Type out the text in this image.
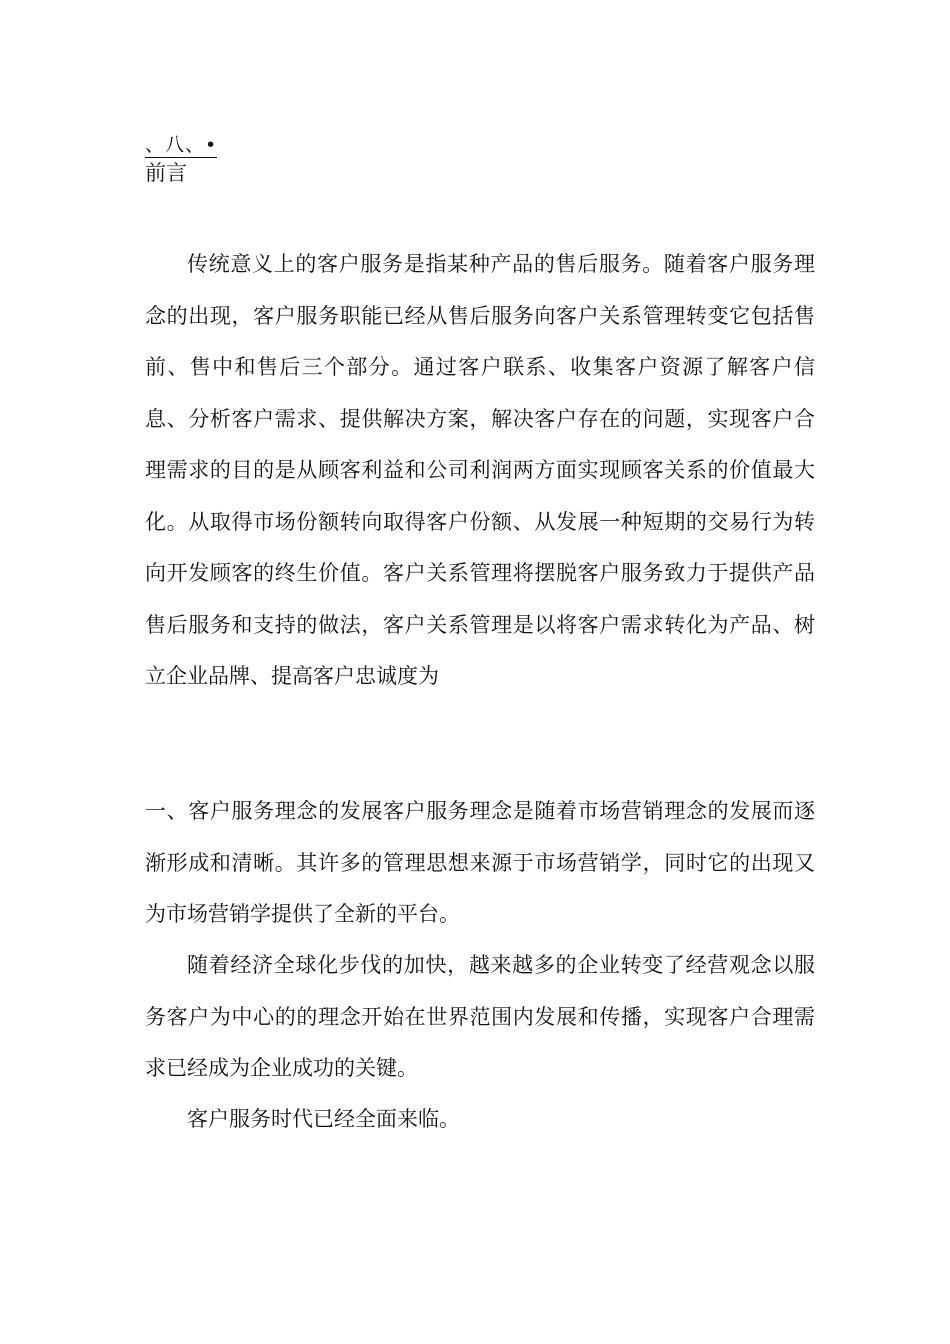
、八、•
前言

传统意义上的客户服务是指某种产品的售后服务。随着客户服务理念的出现，客户服务职能已经从售后服务向客户关系管理转变它包括售前、售中和售后三个部分。通过客户联系、收集客户资源了解客户信息、分析客户需求、提供解决方案，解决客户存在的问题，实现客户合理需求的目的是从顾客利益和公司利润两方面实现顾客关系的价值最大化。从取得市场份额转向取得客户份额、从发展一种短期的交易行为转向开发顾客的终生价值。客户关系管理将摆脱客户服务致力于提供产品售后服务和支持的做法，客户关系管理是以将客户需求转化为产品、树立企业品牌、提高客户忠诚度为

一、客户服务理念的发展客户服务理念是随着市场营销理念的发展而逐渐形成和清晰。其许多的管理思想来源于市场营销学，同时它的出现又为市场营销学提供了全新的平台。

随着经济全球化步伐的加快，越来越多的企业转变了经营观念以服务客户为中心的的理念开始在世界范围内发展和传播，实现客户合理需求已经成为企业成功的关键。

客户服务时代已经全面来临。
